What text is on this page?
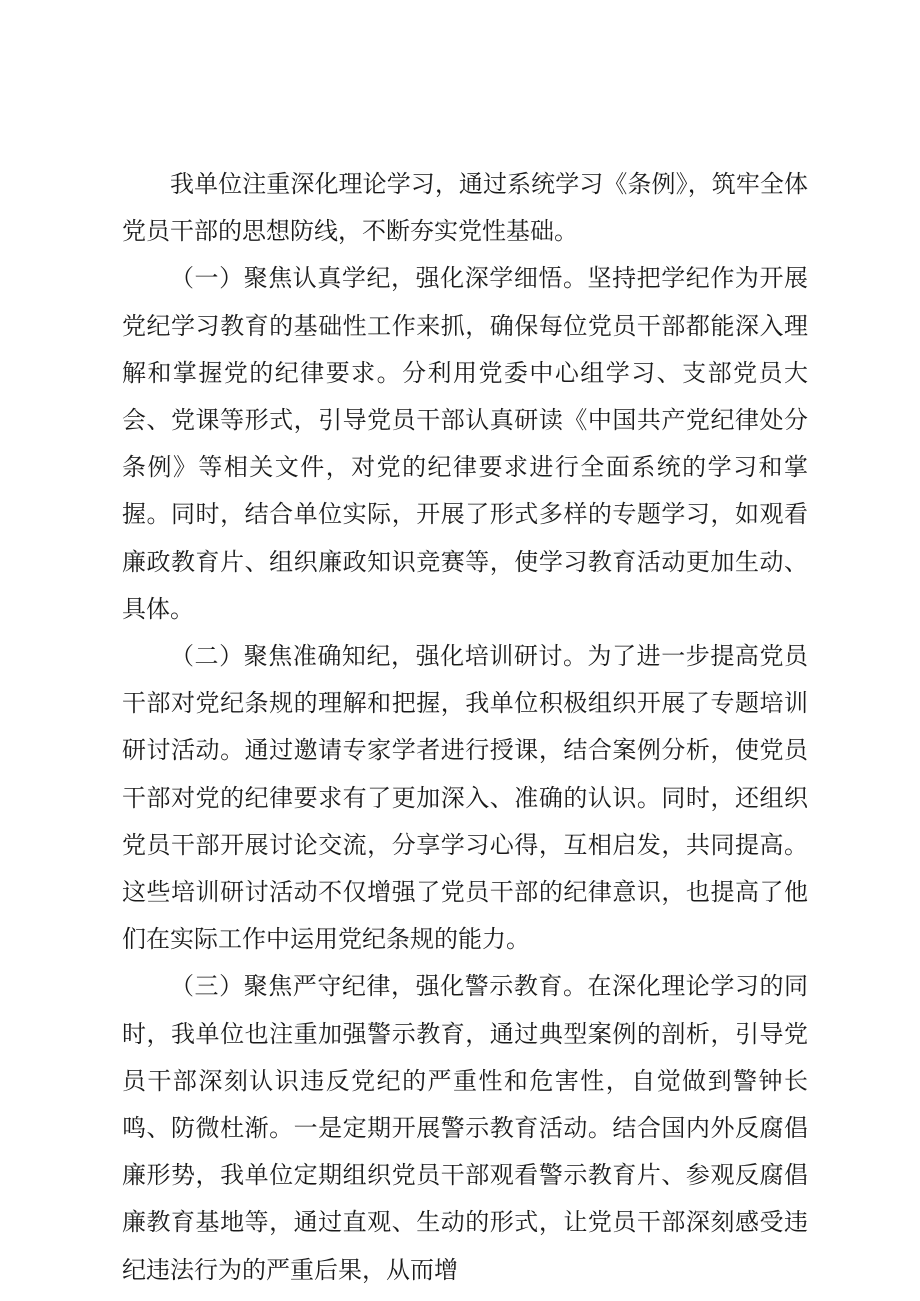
我单位注重深化理论学习，通过系统学习《条例》，筑牢全体党员干部的思想防线，不断夯实党性基础。

（一）聚焦认真学纪，强化深学细悟。坚持把学纪作为开展党纪学习教育的基础性工作来抓，确保每位党员干部都能深入理解和掌握党的纪律要求。分利用党委中心组学习、支部党员大会、党课等形式，引导党员干部认真研读《中国共产党纪律处分条例》等相关文件，对党的纪律要求进行全面系统的学习和掌握。同时，结合单位实际，开展了形式多样的专题学习，如观看廉政教育片、组织廉政知识竞赛等，使学习教育活动更加生动、具体。

（二）聚焦准确知纪，强化培训研讨。为了进一步提高党员干部对党纪条规的理解和把握，我单位积极组织开展了专题培训研讨活动。通过邀请专家学者进行授课，结合案例分析，使党员干部对党的纪律要求有了更加深入、准确的认识。同时，还组织党员干部开展讨论交流，分享学习心得，互相启发，共同提高。这些培训研讨活动不仅增强了党员干部的纪律意识，也提高了他们在实际工作中运用党纪条规的能力。

（三）聚焦严守纪律，强化警示教育。在深化理论学习的同时，我单位也注重加强警示教育，通过典型案例的剖析，引导党员干部深刻认识违反党纪的严重性和危害性，自觉做到警钟长鸣、防微杜渐。一是定期开展警示教育活动。结合国内外反腐倡廉形势，我单位定期组织党员干部观看警示教育片、参观反腐倡廉教育基地等，通过直观、生动的形式，让党员干部深刻感受违纪违法行为的严重后果，从而增
